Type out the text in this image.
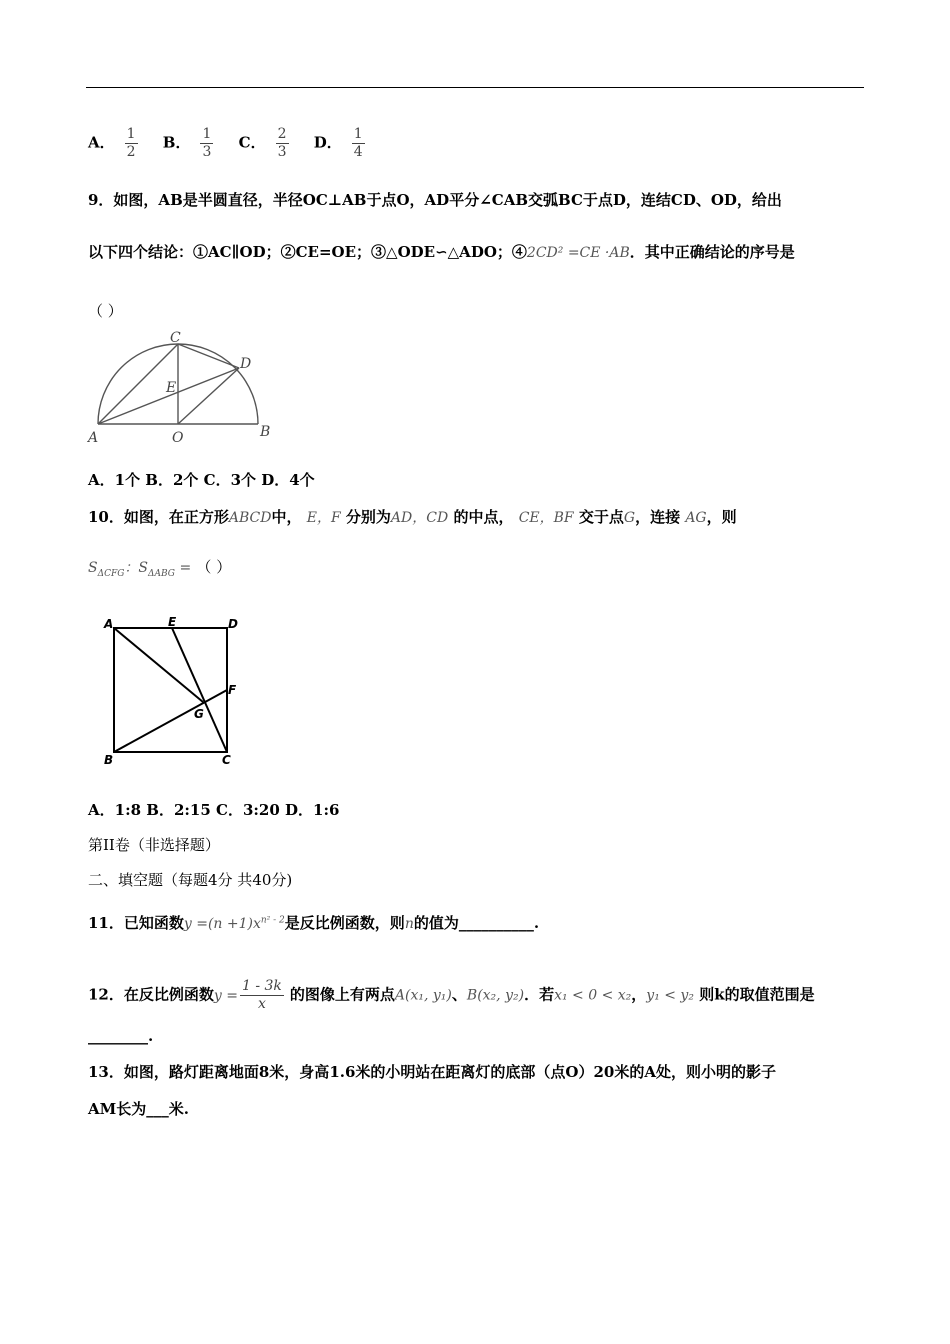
A． $\frac{1}{2}$ B． $\frac{1}{3}$ C． $\frac{2}{3}$ D． $\frac{1}{4}$
9．如图，AB是半圆直径，半径OC⊥AB于点O，AD平分∠CAB交弧BC于点D，连结CD、OD，给出
以下四个结论：①AC∥OD；②CE=OE；③△ODE∽△ADO；④2CD² =CE ·AB．其中正确结论的序号是
（ ）
C
D
E
A	O	B
A．1个 B．2个 C．3个 D．4个
10．如图，在正方形ABCD中， E，F 分别为AD，CD 的中点， CE，BF 交于点G，连接 AG，则
$S_{\Delta CFG}$：$S_{\Delta ABG}$ = （ ）
A	E	D
F
G
B	C
A．1:8 B．2:15 C．3:20 D．1:6
第II卷（非选择题）
二、填空题（每题4分 共40分)
11．已知函数$y =(n +1)x^{n^2 - 2}$是反比例函数，则n的值为__________.
12．在反比例函数$y = \frac{1 - 3k}{x}$ 的图像上有两点A(x₁, y₁)、B(x₂, y₂)．若x₁ < 0 < x₂，y₁ < y₂ 则k的取值范围是
________.
13．如图，路灯距离地面8米，身高1.6米的小明站在距离灯的底部（点O）20米的A处，则小明的影子
AM长为___米.
